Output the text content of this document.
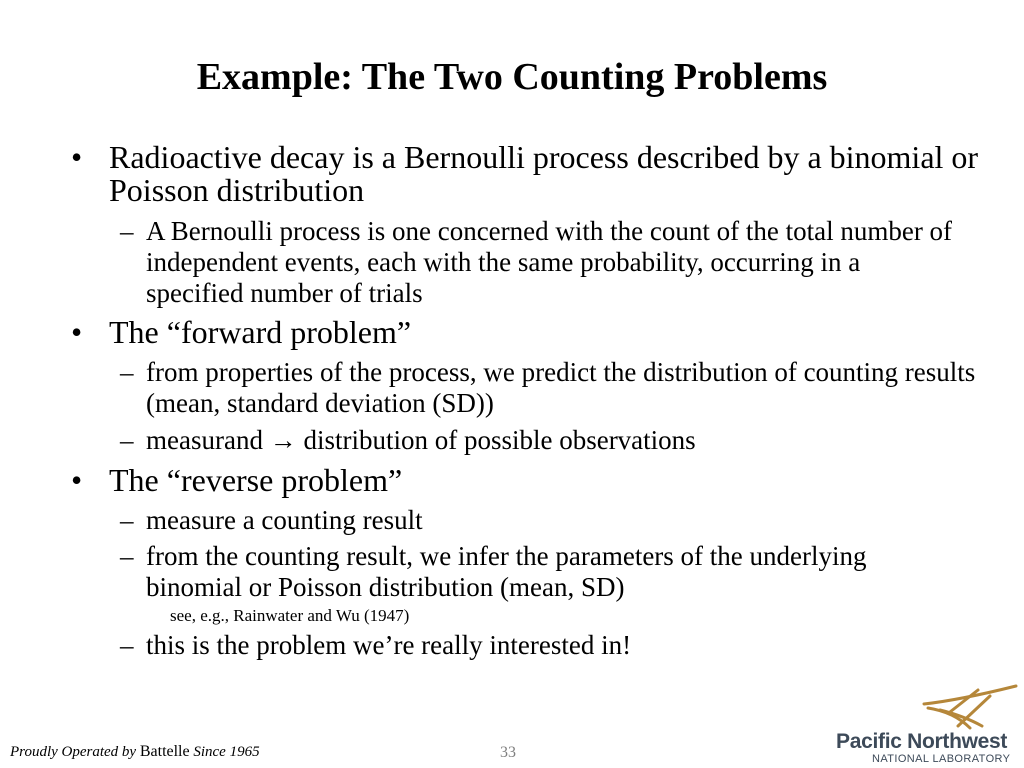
Example: The Two Counting Problems
• Radioactive decay is a Bernoulli process described by a binomial or Poisson distribution
– A Bernoulli process is one concerned with the count of the total number of independent events, each with the same probability, occurring in a specified number of trials
• The “forward problem”
– from properties of the process, we predict the distribution of counting results (mean, standard deviation (SD))
– measurand → distribution of possible observations
• The “reverse problem”
– measure a counting result
– from the counting result, we infer the parameters of the underlying binomial or Poisson distribution (mean, SD)
see, e.g., Rainwater and Wu (1947)
– this is the problem we’re really interested in!
Proudly Operated by Battelle Since 1965	33	Pacific Northwest
NATIONAL LABORATORY
